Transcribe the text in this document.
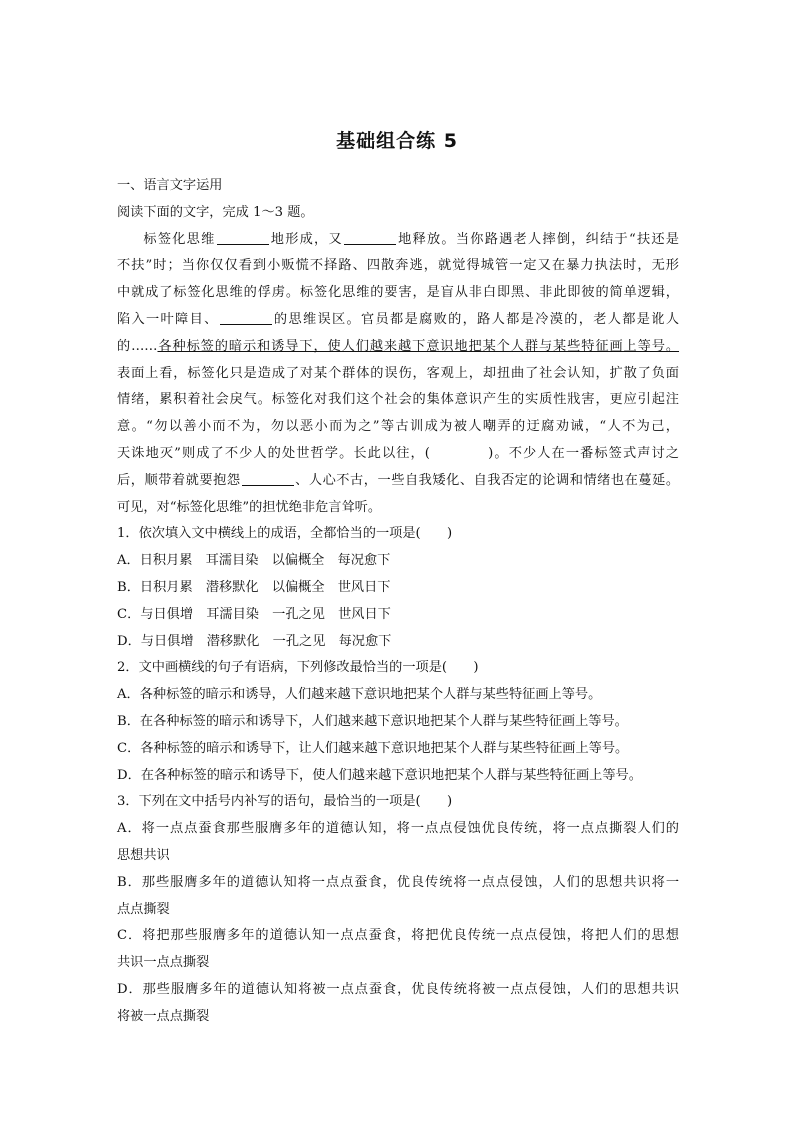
基础组合练 5

一、语言文字运用

阅读下面的文字，完成 1～3 题。

标签化思维	地形成，又	地释放。当你路遇老人摔倒，纠结于“扶还是

不扶”时；当你仅仅看到小贩慌不择路、四散奔逃，就觉得城管一定又在暴力执法时，无形

中就成了标签化思维的俘虏。标签化思维的要害，是盲从非白即黑、非此即彼的简单逻辑，

陷入一叶障目、	的思维误区。官员都是腐败的，路人都是冷漠的，老人都是讹人

的……各种标签的暗示和诱导下，使人们越来越下意识地把某个人群与某些特征画上等号。

表面上看，标签化只是造成了对某个群体的误伤，客观上，却扭曲了社会认知，扩散了负面

情绪，累积着社会戾气。标签化对我们这个社会的集体意识产生的实质性戕害，更应引起注

意。“勿以善小而不为，勿以恶小而为之”等古训成为被人嘲弄的迂腐劝诫，“人不为己，

天诛地灭”则成了不少人的处世哲学。长此以往，(　　　　)。不少人在一番标签式声讨之

后，顺带着就要抱怨	、人心不古，一些自我矮化、自我否定的论调和情绪也在蔓延。

可见，对“标签化思维”的担忧绝非危言耸听。

1．依次填入文中横线上的成语，全都恰当的一项是(　　)

A．日积月累　耳濡目染　以偏概全　每况愈下

B．日积月累　潜移默化　以偏概全　世风日下

C．与日俱增　耳濡目染　一孔之见　世风日下

D．与日俱增　潜移默化　一孔之见　每况愈下

2．文中画横线的句子有语病，下列修改最恰当的一项是(　　)

A．各种标签的暗示和诱导，人们越来越下意识地把某个人群与某些特征画上等号。

B．在各种标签的暗示和诱导下，人们越来越下意识地把某个人群与某些特征画上等号。

C．各种标签的暗示和诱导下，让人们越来越下意识地把某个人群与某些特征画上等号。

D．在各种标签的暗示和诱导下，使人们越来越下意识地把某个人群与某些特征画上等号。

3．下列在文中括号内补写的语句，最恰当的一项是(　　)

A．将一点点蚕食那些服膺多年的道德认知，将一点点侵蚀优良传统，将一点点撕裂人们的

思想共识

B．那些服膺多年的道德认知将一点点蚕食，优良传统将一点点侵蚀，人们的思想共识将一

点点撕裂

C．将把那些服膺多年的道德认知一点点蚕食，将把优良传统一点点侵蚀，将把人们的思想

共识一点点撕裂

D．那些服膺多年的道德认知将被一点点蚕食，优良传统将被一点点侵蚀，人们的思想共识

将被一点点撕裂
